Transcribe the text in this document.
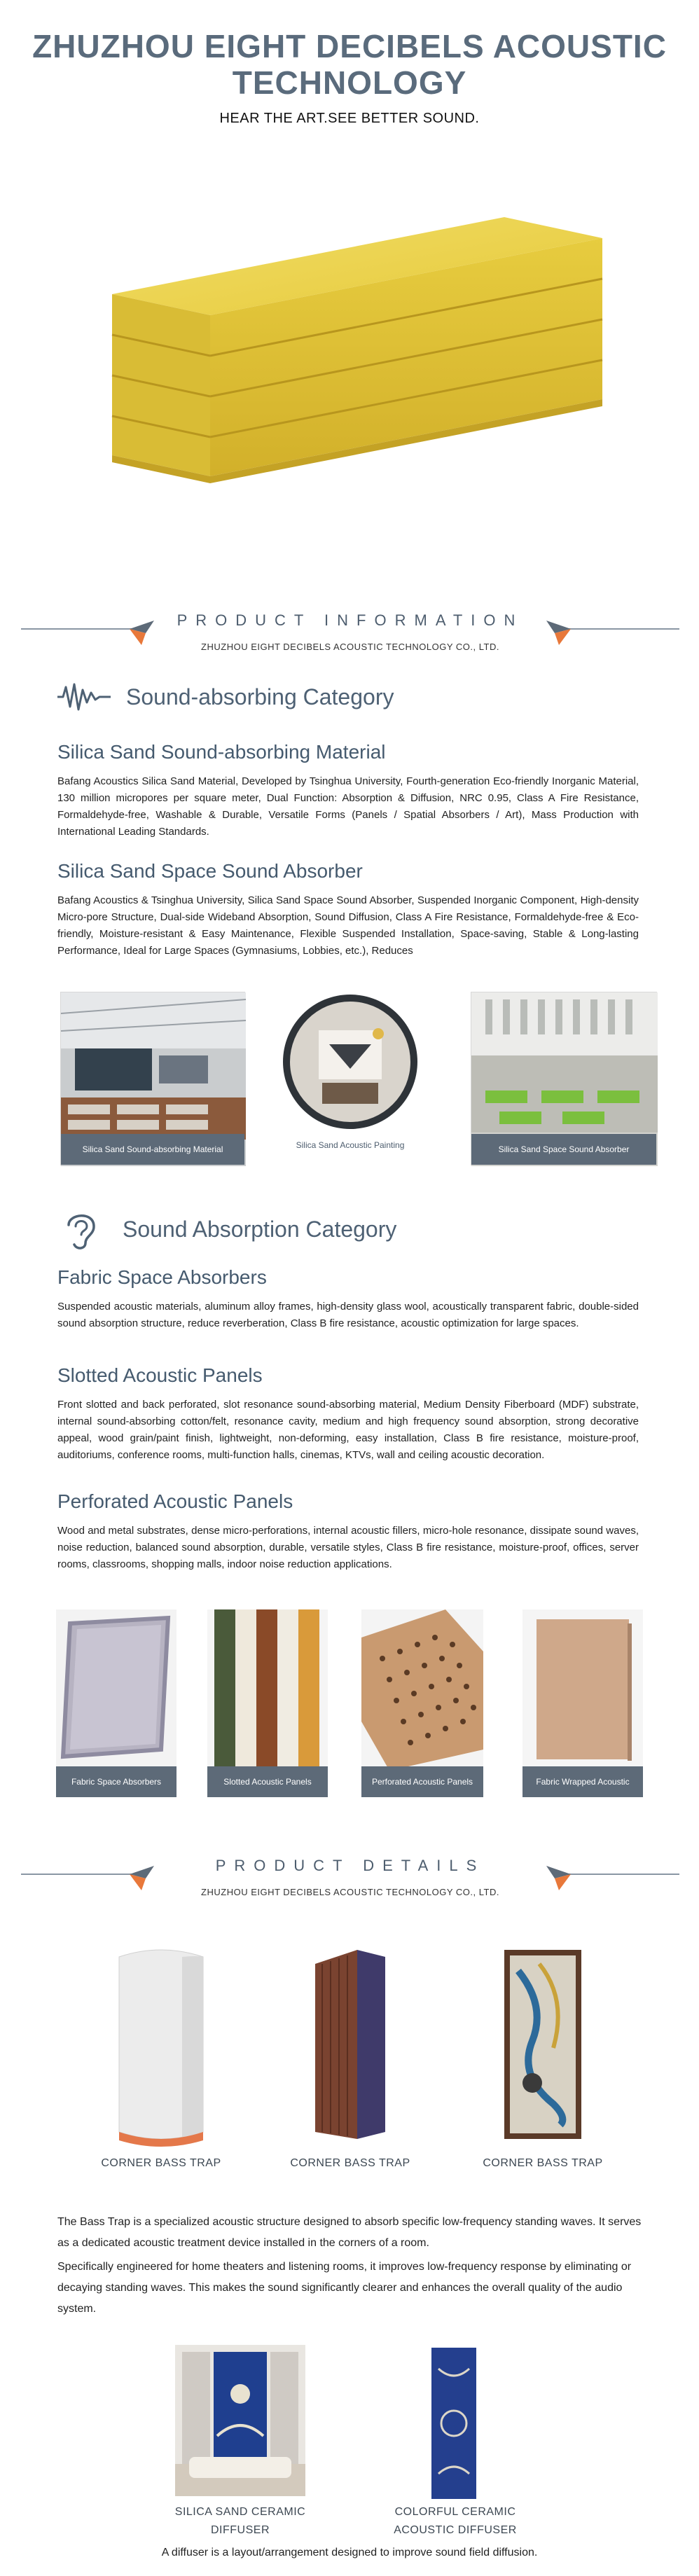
ZHUZHOU EIGHT DECIBELS ACOUSTIC TECHNOLOGY
HEAR THE ART.SEE BETTER SOUND.
PRODUCT INFORMATION
ZHUZHOU EIGHT DECIBELS ACOUSTIC TECHNOLOGY CO., LTD.
Sound-absorbing Category
Silica Sand Sound-absorbing Material
Bafang Acoustics Silica Sand Material, Developed by Tsinghua University, Fourth-generation Eco-friendly Inorganic Material, 130 million micropores per square meter, Dual Function: Absorption & Diffusion, NRC 0.95, Class A Fire Resistance, Formaldehyde-free, Washable & Durable, Versatile Forms (Panels / Spatial Absorbers / Art), Mass Production with International Leading Standards.
Silica Sand Space Sound Absorber
Bafang Acoustics & Tsinghua University, Silica Sand Space Sound Absorber, Suspended Inorganic Component, High-density Micro-pore Structure, Dual-side Wideband Absorption, Sound Diffusion, Class A Fire Resistance, Formaldehyde-free & Eco-friendly, Moisture-resistant & Easy Maintenance, Flexible Suspended Installation, Space-saving, Stable & Long-lasting Performance, Ideal for Large Spaces (Gymnasiums, Lobbies, etc.), Reduces
Silica Sand Sound-absorbing Material	Silica Sand Acoustic Painting	Silica Sand Space Sound Absorber
Sound Absorption Category
Fabric Space Absorbers
Suspended acoustic materials, aluminum alloy frames, high-density glass wool, acoustically transparent fabric, double-sided sound absorption structure, reduce reverberation, Class B fire resistance, acoustic optimization for large spaces.
Slotted Acoustic Panels
Front slotted and back perforated, slot resonance sound-absorbing material, Medium Density Fiberboard (MDF) substrate, internal sound-absorbing cotton/felt, resonance cavity, medium and high frequency sound absorption, strong decorative appeal, wood grain/paint finish, lightweight, non-deforming, easy installation, Class B fire resistance, moisture-proof, auditoriums, conference rooms, multi-function halls, cinemas, KTVs, wall and ceiling acoustic decoration.
Perforated Acoustic Panels
Wood and metal substrates, dense micro-perforations, internal acoustic fillers, micro-hole resonance, dissipate sound waves, noise reduction, balanced sound absorption, durable, versatile styles, Class B fire resistance, moisture-proof, offices, server rooms, classrooms, shopping malls, indoor noise reduction applications.
Fabric Space Absorbers	Slotted Acoustic Panels	Perforated Acoustic Panels	Fabric Wrapped Acoustic Panels
PRODUCT DETAILS
ZHUZHOU EIGHT DECIBELS ACOUSTIC TECHNOLOGY CO., LTD.
CORNER BASS TRAP	CORNER BASS TRAP	CORNER BASS TRAP
The Bass Trap is a specialized acoustic structure designed to absorb specific low-frequency standing waves. It serves as a dedicated acoustic treatment device installed in the corners of a room.
Specifically engineered for home theaters and listening rooms, it improves low-frequency response by eliminating or decaying standing waves. This makes the sound significantly clearer and enhances the overall quality of the audio system.
SILICA SAND CERAMIC DIFFUSER
COLORFUL CERAMIC ACOUSTIC DIFFUSER
A diffuser is a layout/arrangement designed to improve sound field diffusion.
